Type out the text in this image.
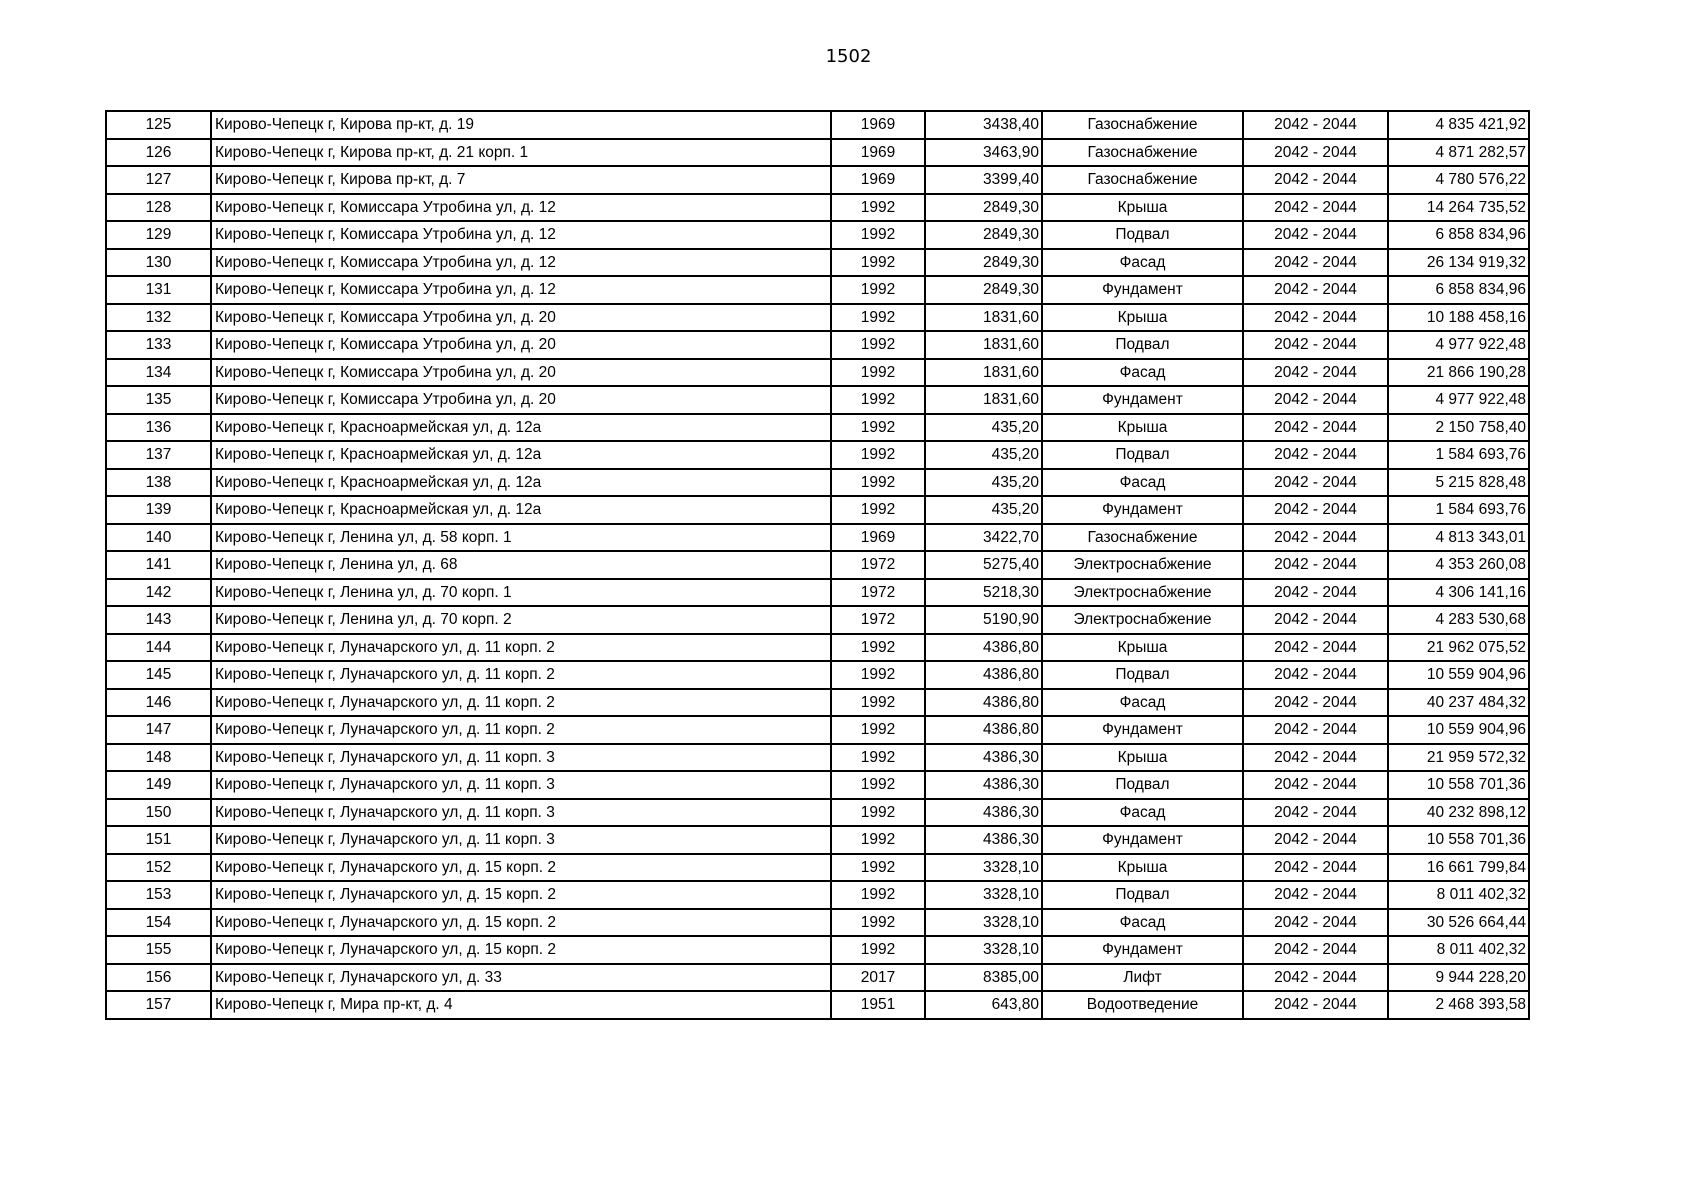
1502
125	Кирово-Чепецк г, Кирова пр-кт, д. 19	1969	3438,40	Газоснабжение	2042 - 2044	4 835 421,92
126	Кирово-Чепецк г, Кирова пр-кт, д. 21 корп. 1	1969	3463,90	Газоснабжение	2042 - 2044	4 871 282,57
127	Кирово-Чепецк г, Кирова пр-кт, д. 7	1969	3399,40	Газоснабжение	2042 - 2044	4 780 576,22
128	Кирово-Чепецк г, Комиссара Утробина ул, д. 12	1992	2849,30	Крыша	2042 - 2044	14 264 735,52
129	Кирово-Чепецк г, Комиссара Утробина ул, д. 12	1992	2849,30	Подвал	2042 - 2044	6 858 834,96
130	Кирово-Чепецк г, Комиссара Утробина ул, д. 12	1992	2849,30	Фасад	2042 - 2044	26 134 919,32
131	Кирово-Чепецк г, Комиссара Утробина ул, д. 12	1992	2849,30	Фундамент	2042 - 2044	6 858 834,96
132	Кирово-Чепецк г, Комиссара Утробина ул, д. 20	1992	1831,60	Крыша	2042 - 2044	10 188 458,16
133	Кирово-Чепецк г, Комиссара Утробина ул, д. 20	1992	1831,60	Подвал	2042 - 2044	4 977 922,48
134	Кирово-Чепецк г, Комиссара Утробина ул, д. 20	1992	1831,60	Фасад	2042 - 2044	21 866 190,28
135	Кирово-Чепецк г, Комиссара Утробина ул, д. 20	1992	1831,60	Фундамент	2042 - 2044	4 977 922,48
136	Кирово-Чепецк г, Красноармейская ул, д. 12а	1992	435,20	Крыша	2042 - 2044	2 150 758,40
137	Кирово-Чепецк г, Красноармейская ул, д. 12а	1992	435,20	Подвал	2042 - 2044	1 584 693,76
138	Кирово-Чепецк г, Красноармейская ул, д. 12а	1992	435,20	Фасад	2042 - 2044	5 215 828,48
139	Кирово-Чепецк г, Красноармейская ул, д. 12а	1992	435,20	Фундамент	2042 - 2044	1 584 693,76
140	Кирово-Чепецк г, Ленина ул, д. 58 корп. 1	1969	3422,70	Газоснабжение	2042 - 2044	4 813 343,01
141	Кирово-Чепецк г, Ленина ул, д. 68	1972	5275,40	Электроснабжение	2042 - 2044	4 353 260,08
142	Кирово-Чепецк г, Ленина ул, д. 70 корп. 1	1972	5218,30	Электроснабжение	2042 - 2044	4 306 141,16
143	Кирово-Чепецк г, Ленина ул, д. 70 корп. 2	1972	5190,90	Электроснабжение	2042 - 2044	4 283 530,68
144	Кирово-Чепецк г, Луначарского ул, д. 11 корп. 2	1992	4386,80	Крыша	2042 - 2044	21 962 075,52
145	Кирово-Чепецк г, Луначарского ул, д. 11 корп. 2	1992	4386,80	Подвал	2042 - 2044	10 559 904,96
146	Кирово-Чепецк г, Луначарского ул, д. 11 корп. 2	1992	4386,80	Фасад	2042 - 2044	40 237 484,32
147	Кирово-Чепецк г, Луначарского ул, д. 11 корп. 2	1992	4386,80	Фундамент	2042 - 2044	10 559 904,96
148	Кирово-Чепецк г, Луначарского ул, д. 11 корп. 3	1992	4386,30	Крыша	2042 - 2044	21 959 572,32
149	Кирово-Чепецк г, Луначарского ул, д. 11 корп. 3	1992	4386,30	Подвал	2042 - 2044	10 558 701,36
150	Кирово-Чепецк г, Луначарского ул, д. 11 корп. 3	1992	4386,30	Фасад	2042 - 2044	40 232 898,12
151	Кирово-Чепецк г, Луначарского ул, д. 11 корп. 3	1992	4386,30	Фундамент	2042 - 2044	10 558 701,36
152	Кирово-Чепецк г, Луначарского ул, д. 15 корп. 2	1992	3328,10	Крыша	2042 - 2044	16 661 799,84
153	Кирово-Чепецк г, Луначарского ул, д. 15 корп. 2	1992	3328,10	Подвал	2042 - 2044	8 011 402,32
154	Кирово-Чепецк г, Луначарского ул, д. 15 корп. 2	1992	3328,10	Фасад	2042 - 2044	30 526 664,44
155	Кирово-Чепецк г, Луначарского ул, д. 15 корп. 2	1992	3328,10	Фундамент	2042 - 2044	8 011 402,32
156	Кирово-Чепецк г, Луначарского ул, д. 33	2017	8385,00	Лифт	2042 - 2044	9 944 228,20
157	Кирово-Чепецк г, Мира пр-кт, д. 4	1951	643,80	Водоотведение	2042 - 2044	2 468 393,58
